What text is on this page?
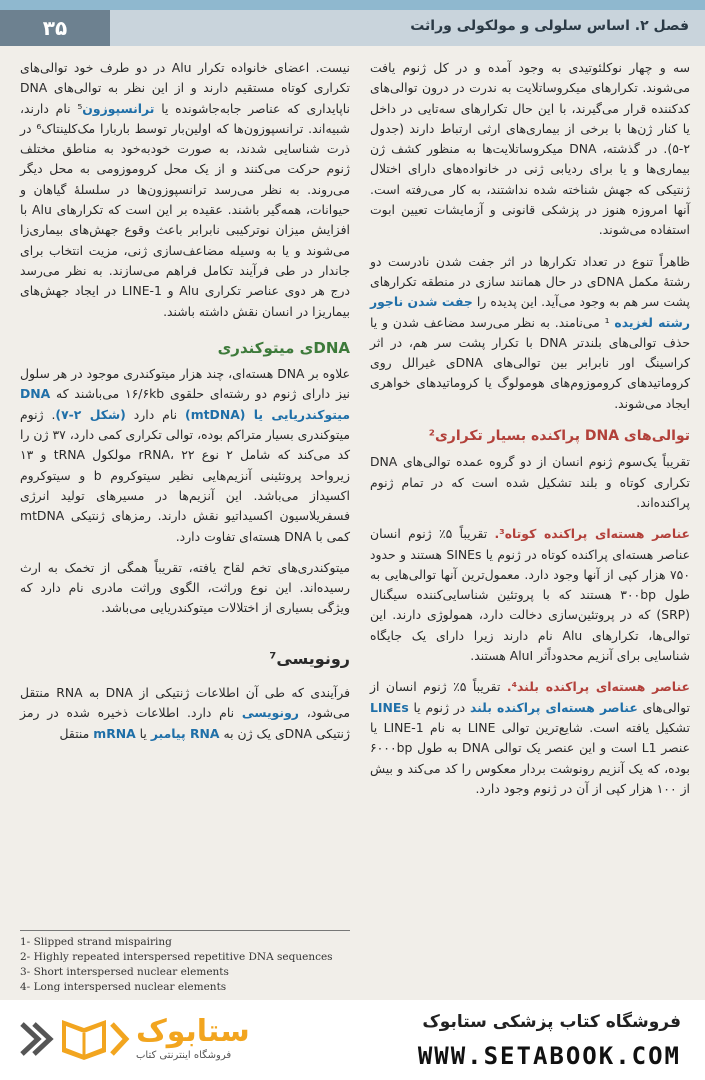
۳۵	فصل ۲. اساس سلولی و مولکولی وراثت

سه و چهار نوکلئوتیدی به وجود آمده و در کل ژنوم یافت می‌شوند. تکرارهای میکروساتلایت به ندرت در درون توالی‌های کدکننده قرار می‌گیرند، با این حال تکرارهای سه‌تایی در داخل یا کنار ژن‌ها با برخی از بیماری‌های ارثی ارتباط دارند (جدول ۲-۵). در گذشته، DNA میکروساتلایت‌ها به منظور کشف ژن بیماری‌ها و یا برای ردیابی ژنی در خانواده‌های دارای اختلال ژنتیکی که جهش شناخته شده نداشتند، به کار می‌رفته است. آنها امروزه هنوز در پزشکی قانونی و آزمایشات تعیین ابوت استفاده می‌شوند.

ظاهراً تنوع در تعداد تکرارها در اثر جفت شدن نادرست دو رشتهٔ مکمل DNAی در حال همانند سازی در منطقه تکرارهای پشت سر هم به وجود می‌آید. این پدیده را جفت شدن ناجور رشته لغزیده ¹ می‌نامند. به نظر می‌رسد مضاعف شدن و یا حذف توالی‌های بلندتر DNA با تکرار پشت سر هم، در اثر کراسینگ اور نابرابر بین توالی‌های DNAی غیرالل روی کروماتیدهای کروموزوم‌های هومولوگ یا کروماتیدهای خواهری ایجاد می‌شوند.

توالی‌های DNA پراکنده بسیار تکراری²

تقریباً یک‌سوم ژنوم انسان از دو گروه عمده توالی‌های DNA تکراری کوتاه و بلند تشکیل شده است که در تمام ژنوم پراکنده‌اند.

عناصر هسته‌ای پراکنده کوتاه³. تقریباً ۵٪ ژنوم انسان عناصر هسته‌ای پراکنده کوتاه در ژنوم یا SINEs هستند و حدود ۷۵۰ هزار کپی از آنها وجود دارد. معمول‌ترین آنها توالی‌هایی به طول ۳۰۰bp هستند که با پروتئین شناسایی‌کننده سیگنال (SRP) که در پروتئین‌سازی دخالت دارد، همولوژی دارند. این توالی‌ها، تکرارهای Alu نام دارند زیرا دارای یک جایگاه شناسایی برای آنزیم محدوداً‌ثر AluI هستند.

عناصر هسته‌ای پراکنده بلند⁴. تقریباً ۵٪ ژنوم انسان از توالی‌های عناصر هسته‌ای پراکنده بلند در ژنوم یا LINEs تشکیل یافته است. شایع‌ترین توالی LINE به نام LINE-1 یا عنصر L1 است و این عنصر یک توالی DNA به طول ۶۰۰۰bp بوده، که یک آنزیم رونوشت بردار معکوس را کد می‌کند و بیش از ۱۰۰ هزار کپی از آن در ژنوم وجود دارد.

نیست. اعضای خانواده تکرار Alu در دو طرف خود توالی‌های تکراری کوتاه مستقیم دارند و از این نظر به توالی‌های DNA ناپایداری که عناصر جابه‌جاشونده یا ترانسپوزون⁵ نام دارند، شبیه‌اند. ترانسپوزون‌ها که اولین‌بار توسط باربارا مک‌کلینتاک⁶ در ذرت شناسایی شدند، به صورت خودبه‌خود به مناطق مختلف ژنوم حرکت می‌کنند و از یک محل کروموزومی به محل دیگر می‌روند. به نظر می‌رسد ترانسپوزون‌ها در سلسلهٔ گیاهان و حیوانات، همه‌گیر باشند. عقیده بر این است که تکرارهای Alu با افزایش میزان نوترکیبی نابرابر باعث وقوع جهش‌های بیماری‌زا می‌شوند و یا به وسیله مضاعف‌سازی ژنی، مزیت انتخاب برای جاندار در طی فرآیند تکامل فراهم می‌سازند. به نظر می‌رسد درج هر دوی عناصر تکراری Alu و LINE-1 در ایجاد جهش‌های بیماریزا در انسان نقش داشته باشند.

DNAی میتوکندری

علاوه بر DNA هسته‌ای، چند هزار میتوکندری موجود در هر سلول نیز دارای ژنوم دو رشته‌ای حلقوی ۱۶/۶kb می‌باشند که DNA میتوکندریایی یا (mtDNA) نام دارد (شکل ۲-۷). ژنوم میتوکندری بسیار متراکم بوده، توالی تکراری کمی دارد، ۳۷ ژن را کد می‌کند که شامل ۲ نوع rRNA، ۲۲ مولکول tRNA و ۱۳ زیرواحد پروتئینی آنزیم‌هایی نظیر سیتوکروم b و سیتوکروم اکسیداز می‌باشد. این آنزیم‌ها در مسیرهای تولید انرژی فسفریلاسیون اکسیداتیو نقش دارند. رمزهای ژنتیکی mtDNA کمی با DNA هسته‌ای تفاوت دارد.

میتوکندری‌های تخم لقاح یافته، تقریباً همگی از تخمک به ارث رسیده‌اند. این نوع وراثت، الگوی وراثت مادری نام دارد که ویژگی بسیاری از اختلالات میتوکندریایی می‌باشد.

رونویسی⁷

فرآیندی که طی آن اطلاعات ژنتیکی از DNA به RNA منتقل می‌شود، رونویسی نام دارد. اطلاعات ذخیره شده در رمز ژنتیکی DNAی یک ژن به RNA پیامبر یا mRNA منتقل

1- Slipped strand mispairing
2- Highly repeated interspersed repetitive DNA sequences
3- Short interspersed nuclear elements
4- Long interspersed nuclear elements
ستابوک
فروشگاه اینترنتی کتاب
فروشگاه کتاب پزشکی ستابوک
WWW.SETABOOK.COM
